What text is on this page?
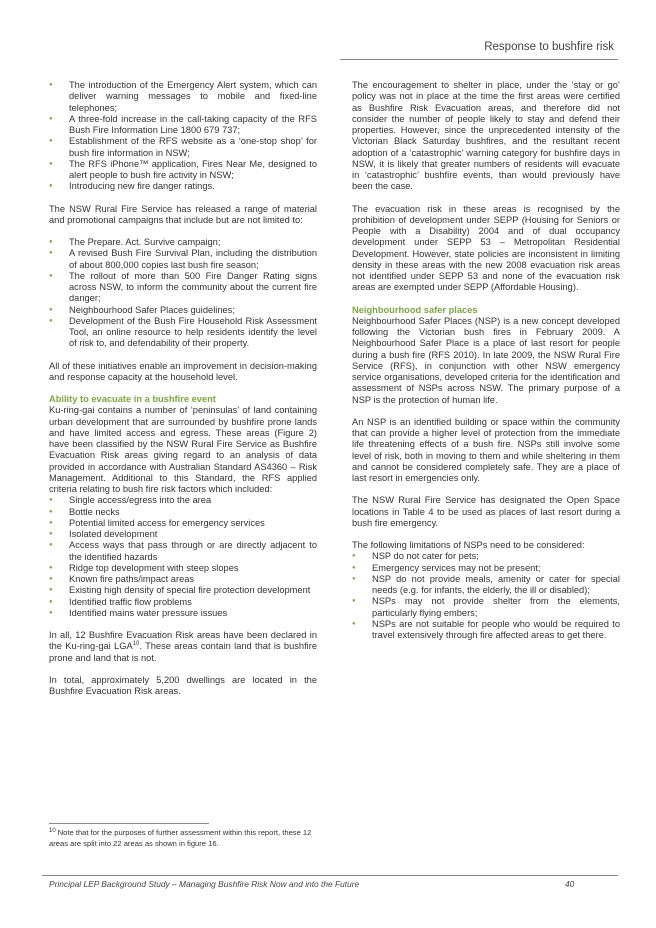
Response to bushfire risk
● The introduction of the Emergency Alert system, which can deliver warning messages to mobile and fixed-line telephones;
● A three-fold increase in the call-taking capacity of the RFS Bush Fire Information Line 1800 679 737;
● Establishment of the RFS website as a ‘one-stop shop’ for bush fire information in NSW;
● The RFS iPhone™ application, Fires Near Me, designed to alert people to bush fire activity in NSW;
● Introducing new fire danger ratings.

The NSW Rural Fire Service has released a range of material and promotional campaigns that include but are not limited to:

● The Prepare. Act. Survive campaign;
● A revised Bush Fire Survival Plan, including the distribution of about 800,000 copies last bush fire season;
● The rollout of more than 500 Fire Danger Rating signs across NSW, to inform the community about the current fire danger;
● Neighbourhood Safer Places guidelines;
● Development of the Bush Fire Household Risk Assessment Tool, an online resource to help residents identify the level of risk to, and defendability of their property.

All of these initiatives enable an improvement in decision-making and response capacity at the household level.

Ability to evacuate in a bushfire event

Ku-ring-gai contains a number of ‘peninsulas’ of land containing urban development that are surrounded by bushfire prone lands and have limited access and egress. These areas (Figure 2) have been classified by the NSW Rural Fire Service as Bushfire Evacuation Risk areas giving regard to an analysis of data provided in accordance with Australian Standard AS4360 – Risk Management. Additional to this Standard, the RFS applied criteria relating to bush fire risk factors which included:

● Single access/egress into the area
● Bottle necks
● Potential limited access for emergency services
● Isolated development
● Access ways that pass through or are directly adjacent to the identified hazards
● Ridge top development with steep slopes
● Known fire paths/impact areas
● Existing high density of special fire protection development
● Identified traffic flow problems
● Identified mains water pressure issues

In all, 12 Bushfire Evacuation Risk areas have been declared in the Ku-ring-gai LGA$^{10}$. These areas contain land that is bushfire prone and land that is not.

In total, approximately 5,200 dwellings are located in the Bushfire Evacuation Risk areas.

The encouragement to shelter in place, under the ‘stay or go’ policy was not in place at the time the first areas were certified as Bushfire Risk Evacuation areas, and therefore did not consider the number of people likely to stay and defend their properties. However, since the unprecedented intensity of the Victorian Black Saturday bushfires, and the resultant recent adoption of a ‘catastrophic’ warning category for bushfire days in NSW, it is likely that greater numbers of residents will evacuate in ‘catastrophic’ bushfire events, than would previously have been the case.

The evacuation risk in these areas is recognised by the prohibition of development under SEPP (Housing for Seniors or People with a Disability) 2004 and of dual occupancy development under SEPP 53 – Metropolitan Residential Development. However, state policies are inconsistent in limiting density in these areas with the new 2008 evacuation risk areas not identified under SEPP 53 and none of the evacuation risk areas are exempted under SEPP (Affordable Housing).

Neighbourhood safer places

Neighbourhood Safer Places (NSP) is a new concept developed following the Victorian bush fires in February 2009. A Neighbourhood Safer Place is a place of last resort for people during a bush fire (RFS 2010). In late 2009, the NSW Rural Fire Service (RFS), in conjunction with other NSW emergency service organisations, developed criteria for the identification and assessment of NSPs across NSW. The primary purpose of a NSP is the protection of human life.

An NSP is an identified building or space within the community that can provide a higher level of protection from the immediate life threatening effects of a bush fire. NSPs still involve some level of risk, both in moving to them and while sheltering in them and cannot be considered completely safe. They are a place of last resort in emergencies only.

The NSW Rural Fire Service has designated the Open Space locations in Table 4 to be used as places of last resort during a bush fire emergency.

The following limitations of NSPs need to be considered:

● NSP do not cater for pets;
● Emergency services may not be present;
● NSP do not provide meals, amenity or cater for special needs (e.g. for infants, the elderly, the ill or disabled);
● NSPs may not provide shelter from the elements, particularly flying embers;
● NSPs are not suitable for people who would be required to travel extensively through fire affected areas to get there.
$^{10}$ Note that for the purposes of further assessment within this report, these 12 areas are split into 22 areas as shown in figure 16.
Principal LEP Background Study – Managing Bushfire Risk Now and into the Future	40
